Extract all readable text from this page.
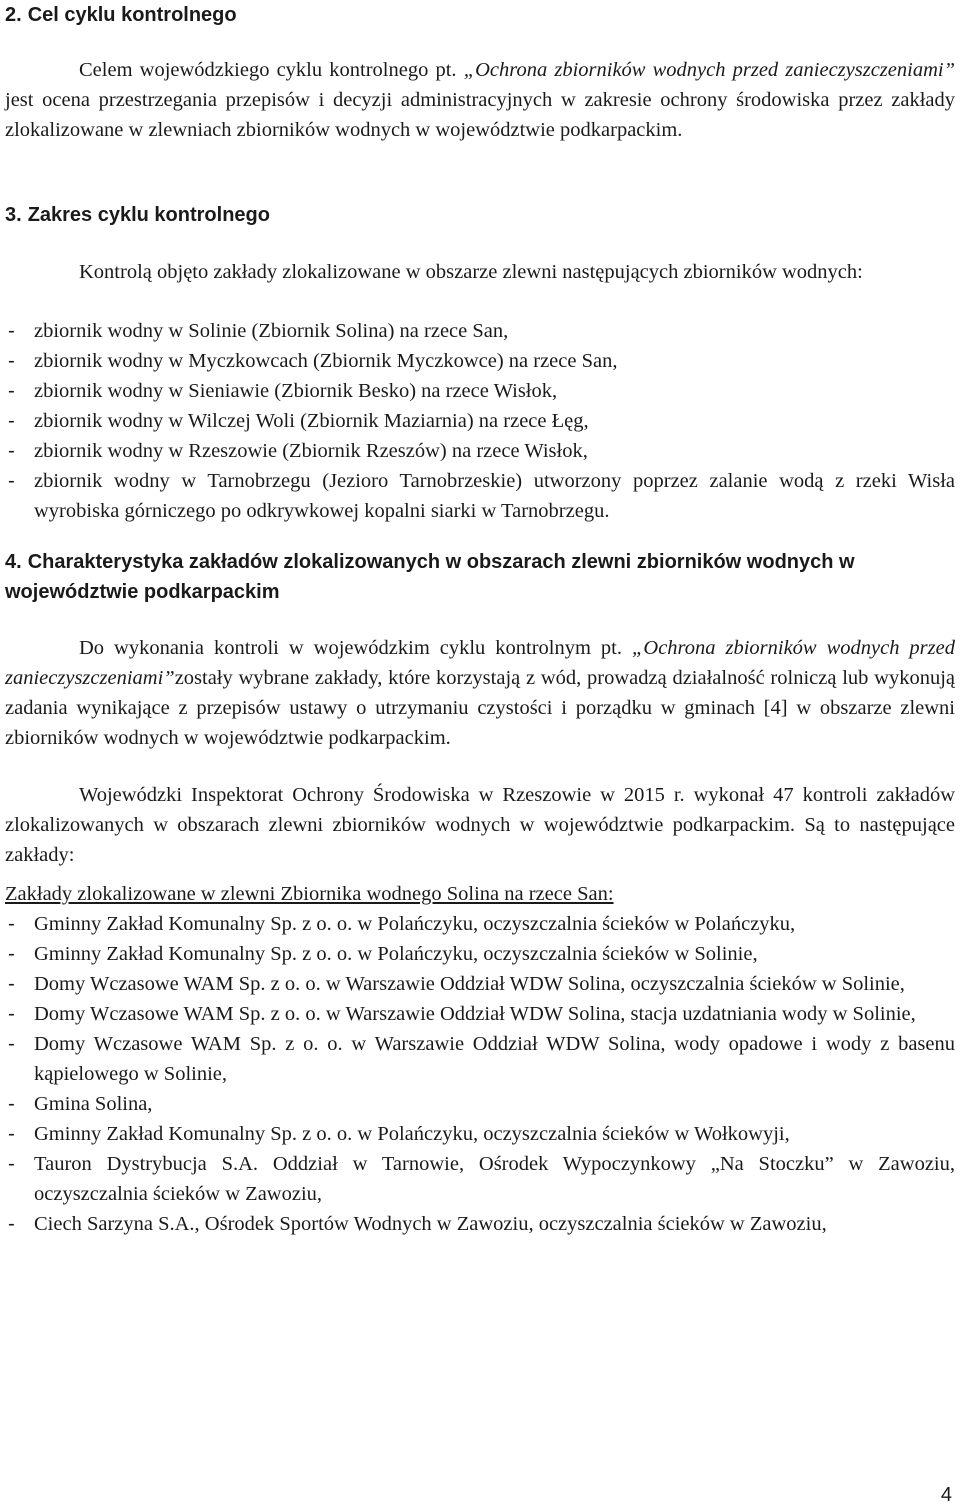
2. Cel cyklu kontrolnego

Celem wojewódzkiego cyklu kontrolnego pt. „Ochrona zbiorników wodnych przed zanieczyszczeniami” jest ocena przestrzegania przepisów i decyzji administracyjnych w zakresie ochrony środowiska przez zakłady zlokalizowane w zlewniach zbiorników wodnych w województwie podkarpackim.

3. Zakres cyklu kontrolnego

Kontrolą objęto zakłady zlokalizowane w obszarze zlewni następujących zbiorników wodnych:

- zbiornik wodny w Solinie (Zbiornik Solina) na rzece San,
- zbiornik wodny w Myczkowcach (Zbiornik Myczkowce) na rzece San,
- zbiornik wodny w Sieniawie (Zbiornik Besko) na rzece Wisłok,
- zbiornik wodny w Wilczej Woli (Zbiornik Maziarnia) na rzece Łęg,
- zbiornik wodny w Rzeszowie (Zbiornik Rzeszów) na rzece Wisłok,
- zbiornik wodny w Tarnobrzegu (Jezioro Tarnobrzeskie) utworzony poprzez zalanie wodą z rzeki Wisła wyrobiska górniczego po odkrywkowej kopalni siarki w Tarnobrzegu.
4. Charakterystyka zakładów zlokalizowanych w obszarach zlewni zbiorników wodnych w województwie podkarpackim

Do wykonania kontroli w wojewódzkim cyklu kontrolnym pt. „Ochrona zbiorników wodnych przed zanieczyszczeniami”zostały wybrane zakłady, które korzystają z wód, prowadzą działalność rolniczą lub wykonują zadania wynikające z przepisów ustawy o utrzymaniu czystości i porządku w gminach [4] w obszarze zlewni zbiorników wodnych w województwie podkarpackim.

Wojewódzki Inspektorat Ochrony Środowiska w Rzeszowie w 2015 r. wykonał 47 kontroli zakładów zlokalizowanych w obszarach zlewni zbiorników wodnych w województwie podkarpackim. Są to następujące zakłady:

Zakłady zlokalizowane w zlewni Zbiornika wodnego Solina na rzece San:

- Gminny Zakład Komunalny Sp. z o. o. w Polańczyku, oczyszczalnia ścieków w Polańczyku,
- Gminny Zakład Komunalny Sp. z o. o. w Polańczyku, oczyszczalnia ścieków w Solinie,
- Domy Wczasowe WAM Sp. z o. o. w Warszawie Oddział WDW Solina, oczyszczalnia ścieków w Solinie,
- Domy Wczasowe WAM Sp. z o. o. w Warszawie Oddział WDW Solina, stacja uzdatniania wody w Solinie,
- Domy Wczasowe WAM Sp. z o. o. w Warszawie Oddział WDW Solina, wody opadowe i wody z basenu kąpielowego w Solinie,
- Gmina Solina,
- Gminny Zakład Komunalny Sp. z o. o. w Polańczyku, oczyszczalnia ścieków w Wołkowyji,
- Tauron Dystrybucja S.A. Oddział w Tarnowie, Ośrodek Wypoczynkowy „Na Stoczku” w Zawoziu, oczyszczalnia ścieków w Zawoziu,
- Ciech Sarzyna S.A., Ośrodek Sportów Wodnych w Zawoziu, oczyszczalnia ścieków w Zawoziu,
4
